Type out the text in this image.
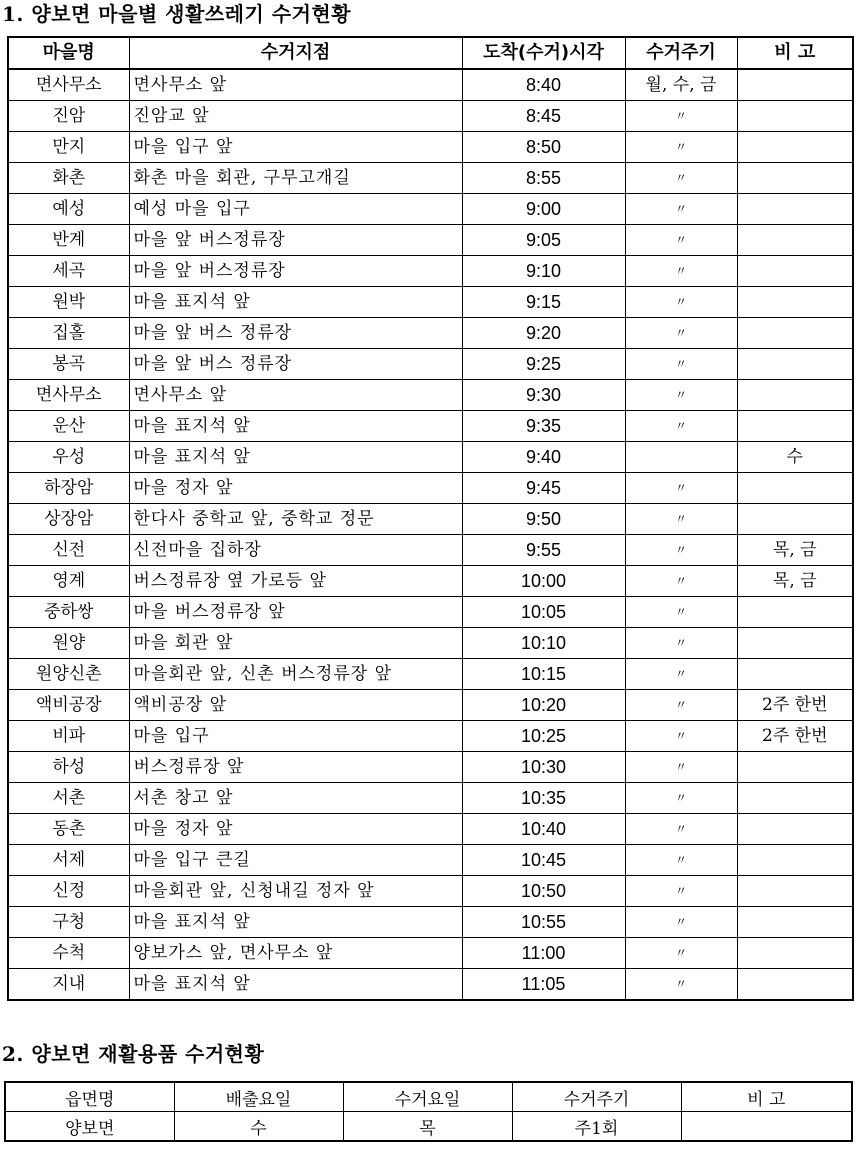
1. 양보면 마을별 생활쓰레기 수거현황
마을명	수거지점	도착(수거)시각	수거주기	비 고
면사무소	면사무소 앞	8:40	월, 수, 금	
진암	진암교 앞	8:45	〃	
만지	마을 입구 앞	8:50	〃	
화촌	화촌 마을 회관, 구무고개길	8:55	〃	
예성	예성 마을 입구	9:00	〃	
반계	마을 앞 버스정류장	9:05	〃	
세곡	마을 앞 버스정류장	9:10	〃	
원박	마을 표지석 앞	9:15	〃	
집홀	마을 앞 버스 정류장	9:20	〃	
봉곡	마을 앞 버스 정류장	9:25	〃	
면사무소	면사무소 앞	9:30	〃	
운산	마을 표지석 앞	9:35	〃	
우성	마을 표지석 앞	9:40		수
하장암	마을 정자 앞	9:45	〃	
상장암	한다사 중학교 앞, 중학교 정문	9:50	〃	
신전	신전마을 집하장	9:55	〃	목, 금
영계	버스정류장 옆 가로등 앞	10:00	〃	목, 금
중하쌍	마을 버스정류장 앞	10:05	〃	
원양	마을 회관 앞	10:10	〃	
원양신촌	마을회관 앞, 신촌 버스정류장 앞	10:15	〃	
액비공장	액비공장 앞	10:20	〃	2주 한번
비파	마을 입구	10:25	〃	2주 한번
하성	버스정류장 앞	10:30	〃	
서촌	서촌 창고 앞	10:35	〃	
동촌	마을 정자 앞	10:40	〃	
서제	마을 입구 큰길	10:45	〃	
신정	마을회관 앞, 신청내길 정자 앞	10:50	〃	
구청	마을 표지석 앞	10:55	〃	
수척	양보가스 앞, 면사무소 앞	11:00	〃	
지내	마을 표지석 앞	11:05	〃	
2. 양보면 재활용품 수거현황
읍면명	배출요일	수거요일	수거주기	비 고
양보면	수	목	주1회	
